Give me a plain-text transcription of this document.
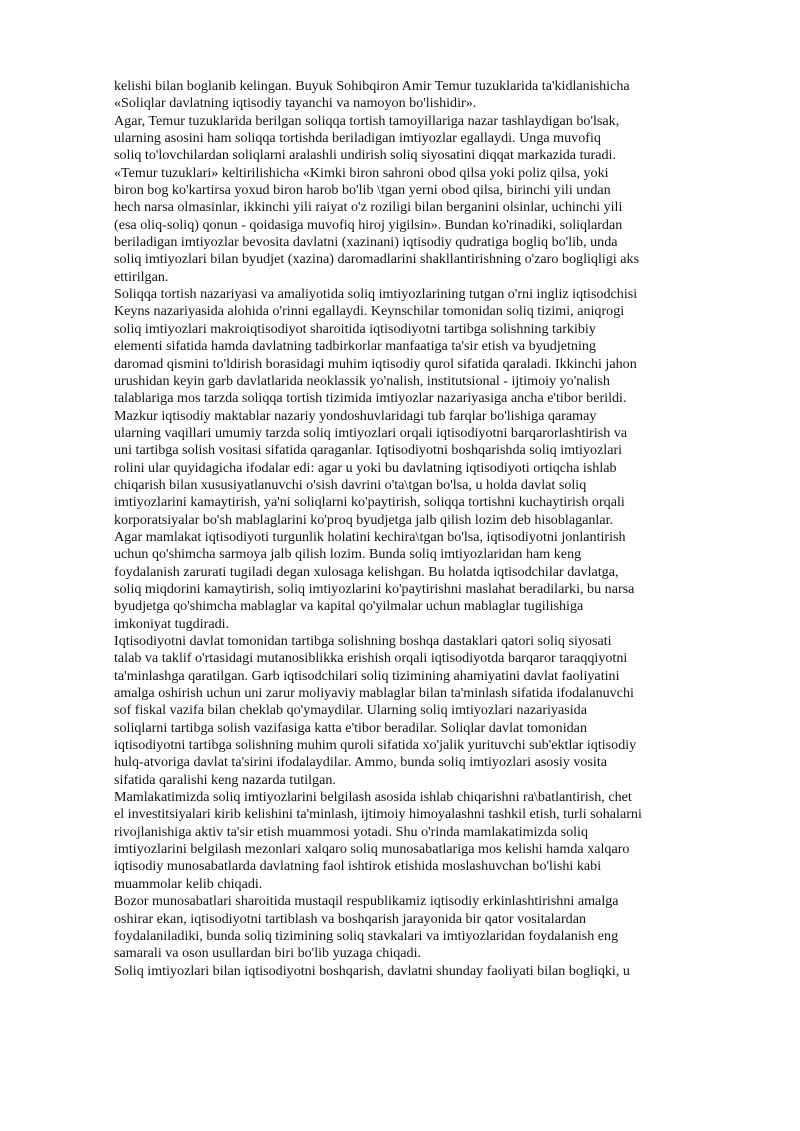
kelishi bilan boglanib kelingan. Buyuk Sohibqiron Amir Temur tuzuklarida ta'kidlanishicha
«Soliqlar davlatning iqtisodiy tayanchi va namoyon bo'lishidir».
Agar, Temur tuzuklarida berilgan soliqqa tortish tamoyillariga nazar tashlaydigan bo'lsak,
ularning asosini ham soliqqa tortishda beriladigan imtiyozlar egallaydi. Unga muvofiq
soliq to'lovchilardan soliqlarni aralashli undirish soliq siyosatini diqqat markazida turadi.
«Temur tuzuklari» keltirilishicha «Kimki biron sahroni obod qilsa yoki poliz qilsa, yoki
biron bog ko'kartirsa yoxud biron harob bo'lib \tgan yerni obod qilsa, birinchi yili undan
hech narsa olmasinlar, ikkinchi yili raiyat o'z roziligi bilan berganini olsinlar, uchinchi yili
(esa oliq-soliq) qonun - qoidasiga muvofiq hiroj yigilsin». Bundan ko'rinadiki, soliqlardan
beriladigan imtiyozlar bevosita davlatni (xazinani) iqtisodiy qudratiga bogliq bo'lib, unda
soliq imtiyozlari bilan byudjet (xazina) daromadlarini shakllantirishning o'zaro bogliqligi aks
ettirilgan.
Soliqqa tortish nazariyasi va amaliyotida soliq imtiyozlarining tutgan o'rni ingliz iqtisodchisi
Keyns nazariyasida alohida o'rinni egallaydi. Keynschilar tomonidan soliq tizimi, aniqrogi
soliq imtiyozlari makroiqtisodiyot sharoitida iqtisodiyotni tartibga solishning tarkibiy
elementi sifatida hamda davlatning tadbirkorlar manfaatiga ta'sir etish va byudjetning
daromad qismini to'ldirish borasidagi muhim iqtisodiy qurol sifatida qaraladi. Ikkinchi jahon
urushidan keyin garb davlatlarida neoklassik yo'nalish, institutsional - ijtimoiy yo'nalish
talablariga mos tarzda soliqqa tortish tizimida imtiyozlar nazariyasiga ancha e'tibor berildi.
Mazkur iqtisodiy maktablar nazariy yondoshuvlaridagi tub farqlar bo'lishiga qaramay
ularning vaqillari umumiy tarzda soliq imtiyozlari orqali iqtisodiyotni barqarorlashtirish va
uni tartibga solish vositasi sifatida qaraganlar. Iqtisodiyotni boshqarishda soliq imtiyozlari
rolini ular quyidagicha ifodalar edi: agar u yoki bu davlatning iqtisodiyoti ortiqcha ishlab
chiqarish bilan xususiyatlanuvchi o'sish davrini o'ta\tgan bo'lsa, u holda davlat soliq
imtiyozlarini kamaytirish, ya'ni soliqlarni ko'paytirish, soliqqa tortishni kuchaytirish orqali
korporatsiyalar bo'sh mablaglarini ko'proq byudjetga jalb qilish lozim deb hisoblaganlar.
Agar mamlakat iqtisodiyoti turgunlik holatini kechira\tgan bo'lsa, iqtisodiyotni jonlantirish
uchun qo'shimcha sarmoya jalb qilish lozim. Bunda soliq imtiyozlaridan ham keng
foydalanish zarurati tugiladi degan xulosaga kelishgan. Bu holatda iqtisodchilar davlatga,
soliq miqdorini kamaytirish, soliq imtiyozlarini ko'paytirishni maslahat beradilarki, bu narsa
byudjetga qo'shimcha mablaglar va kapital qo'yilmalar uchun mablaglar tugilishiga
imkoniyat tugdiradi.
Iqtisodiyotni davlat tomonidan tartibga solishning boshqa dastaklari qatori soliq siyosati
talab va taklif o'rtasidagi mutanosiblikka erishish orqali iqtisodiyotda barqaror taraqqiyotni
ta'minlashga qaratilgan. Garb iqtisodchilari soliq tizimining ahamiyatini davlat faoliyatini
amalga oshirish uchun uni zarur moliyaviy mablaglar bilan ta'minlash sifatida ifodalanuvchi
sof fiskal vazifa bilan cheklab qo'ymaydilar. Ularning soliq imtiyozlari nazariyasida
soliqlarni tartibga solish vazifasiga katta e'tibor beradilar. Soliqlar davlat tomonidan
iqtisodiyotni tartibga solishning muhim quroli sifatida xo'jalik yurituvchi sub'ektlar iqtisodiy
hulq-atvoriga davlat ta'sirini ifodalaydilar. Ammo, bunda soliq imtiyozlari asosiy vosita
sifatida qaralishi keng nazarda tutilgan.
Mamlakatimizda soliq imtiyozlarini belgilash asosida ishlab chiqarishni ra\batlantirish, chet
el investitsiyalari kirib kelishini ta'minlash, ijtimoiy himoyalashni tashkil etish, turli sohalarni
rivojlanishiga aktiv ta'sir etish muammosi yotadi. Shu o'rinda mamlakatimizda soliq
imtiyozlarini belgilash mezonlari xalqaro soliq munosabatlariga mos kelishi hamda xalqaro
iqtisodiy munosabatlarda davlatning faol ishtirok etishida moslashuvchan bo'lishi kabi
muammolar kelib chiqadi.
Bozor munosabatlari sharoitida mustaqil respublikamiz iqtisodiy erkinlashtirishni amalga
oshirar ekan, iqtisodiyotni tartiblash va boshqarish jarayonida bir qator vositalardan
foydalaniladiki, bunda soliq tizimining soliq stavkalari va imtiyozlaridan foydalanish eng
samarali va oson usullardan biri bo'lib yuzaga chiqadi.
Soliq imtiyozlari bilan iqtisodiyotni boshqarish, davlatni shunday faoliyati bilan bogliqki, u
